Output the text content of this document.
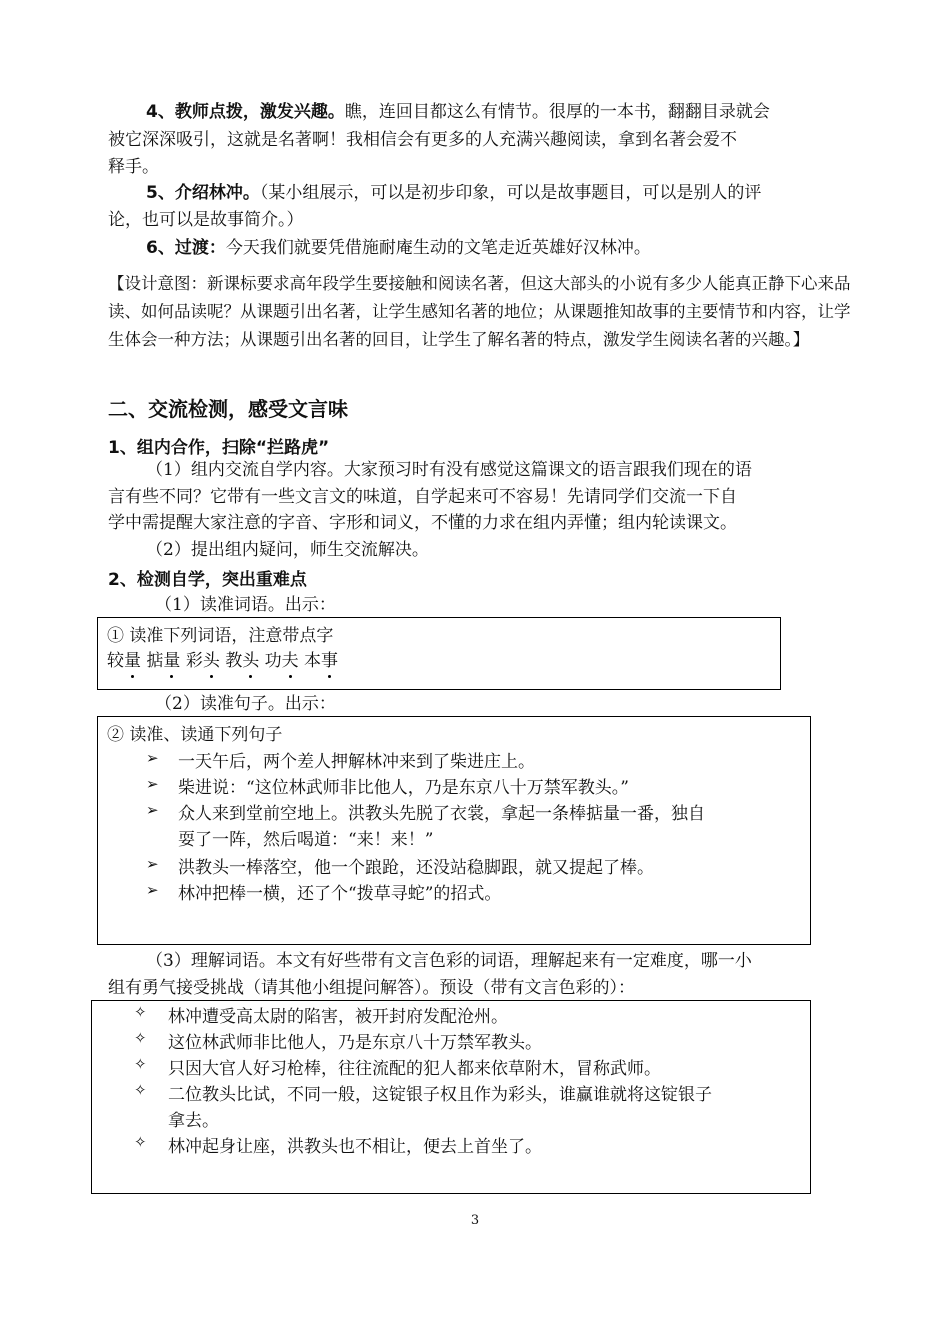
4、教师点拨，激发兴趣。瞧，连回目都这么有情节。很厚的一本书，翻翻目录就会
被它深深吸引，这就是名著啊！我相信会有更多的人充满兴趣阅读，拿到名著会爱不
释手。
5、介绍林冲。（某小组展示，可以是初步印象，可以是故事题目，可以是别人的评
论，也可以是故事简介。）
6、过渡：今天我们就要凭借施耐庵生动的文笔走近英雄好汉林冲。
【设计意图：新课标要求高年段学生要接触和阅读名著，但这大部头的小说有多少人能真正静下心来品读、如何品读呢？从课题引出名著，让学生感知名著的地位；从课题推知故事的主要情节和内容，让学生体会一种方法；从课题引出名著的回目，让学生了解名著的特点，激发学生阅读名著的兴趣。】
二、交流检测，感受文言味
1、组内合作，扫除“拦路虎”
（1）组内交流自学内容。大家预习时有没有感觉这篇课文的语言跟我们现在的语
言有些不同？它带有一些文言文的味道，自学起来可不容易！先请同学们交流一下自
学中需提醒大家注意的字音、字形和词义，不懂的力求在组内弄懂；组内轮读课文。
（2）提出组内疑问，师生交流解决。
2、检测自学，突出重难点
（1）读准词语。出示：
① 读准下列词语，注意带点字
较量 掂量 彩头 教头 功夫 本事
（2）读准句子。出示：
② 读准、读通下列句子
➢ 一天午后，两个差人押解林冲来到了柴进庄上。
➢ 柴进说：“这位林武师非比他人，乃是东京八十万禁军教头。”
➢ 众人来到堂前空地上。洪教头先脱了衣裳，拿起一条棒掂量一番，独自
耍了一阵，然后喝道：“来！来！”
➢ 洪教头一棒落空，他一个踉跄，还没站稳脚跟，就又提起了棒。
➢ 林冲把棒一横，还了个“拨草寻蛇”的招式。
（3）理解词语。本文有好些带有文言色彩的词语，理解起来有一定难度，哪一小
组有勇气接受挑战（请其他小组提问解答）。预设（带有文言色彩的）：
✧ 林冲遭受高太尉的陷害，被开封府发配沧州。
✧ 这位林武师非比他人，乃是东京八十万禁军教头。
✧ 只因大官人好习枪棒，往往流配的犯人都来依草附木，冒称武师。
✧ 二位教头比试，不同一般，这锭银子权且作为彩头，谁赢谁就将这锭银子
拿去。
✧ 林冲起身让座，洪教头也不相让，便去上首坐了。
3
